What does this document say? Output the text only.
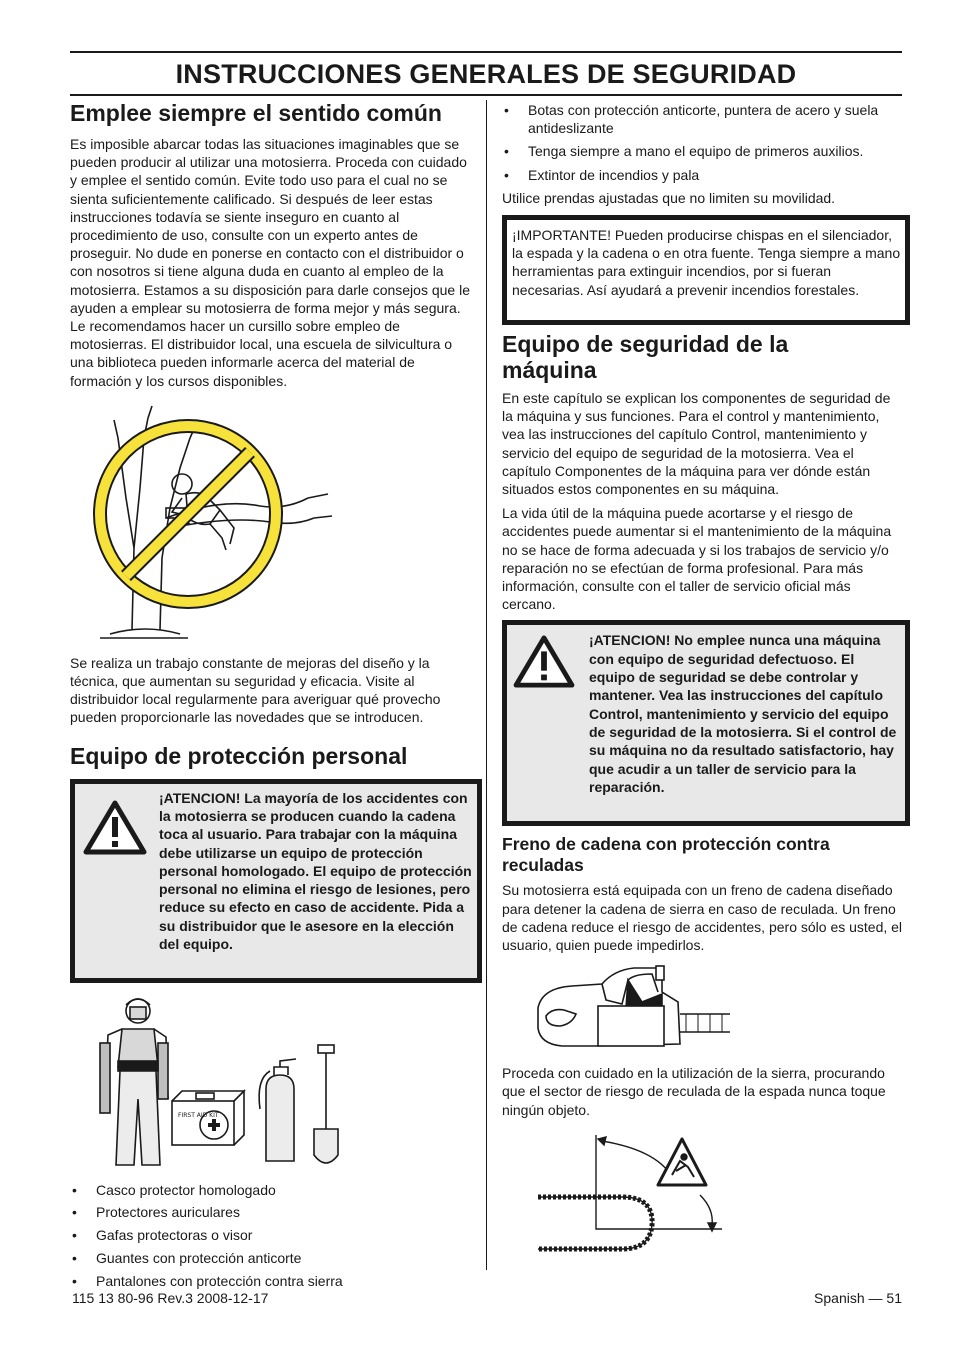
INSTRUCCIONES GENERALES DE SEGURIDAD
Emplee siempre el sentido común

Es imposible abarcar todas las situaciones imaginables que se pueden producir al utilizar una motosierra. Proceda con cuidado y emplee el sentido común. Evite todo uso para el cual no se sienta suficientemente calificado. Si después de leer estas instrucciones todavía se siente inseguro en cuanto al procedimiento de uso, consulte con un experto antes de proseguir. No dude en ponerse en contacto con el distribuidor o con nosotros si tiene alguna duda en cuanto al empleo de la motosierra. Estamos a su disposición para darle consejos que le ayuden a emplear su motosierra de forma mejor y más segura. Le recomendamos hacer un cursillo sobre empleo de motosierras. El distribuidor local, una escuela de silvicultura o una biblioteca pueden informarle acerca del material de formación y los cursos disponibles.

Se realiza un trabajo constante de mejoras del diseño y la técnica, que aumentan su seguridad y eficacia. Visite al distribuidor local regularmente para averiguar qué provecho pueden proporcionarle las novedades que se introducen.

Equipo de protección personal

¡ATENCION! La mayoría de los accidentes con la motosierra se producen cuando la cadena toca al usuario. Para trabajar con la máquina debe utilizarse un equipo de protección personal homologado. El equipo de protección personal no elimina el riesgo de lesiones, pero reduce su efecto en caso de accidente. Pida a su distribuidor que le asesore en la elección del equipo.

FIRST AID KIT
• Casco protector homologado
• Protectores auriculares
• Gafas protectoras o visor
• Guantes con protección anticorte
• Pantalones con protección contra sierra
• Botas con protección anticorte, puntera de acero y suela antideslizante
• Tenga siempre a mano el equipo de primeros auxilios.
• Extintor de incendios y pala

Utilice prendas ajustadas que no limiten su movilidad.

¡IMPORTANTE! Pueden producirse chispas en el silenciador, la espada y la cadena o en otra fuente. Tenga siempre a mano herramientas para extinguir incendios, por si fueran necesarias. Así ayudará a prevenir incendios forestales.

Equipo de seguridad de la máquina

En este capítulo se explican los componentes de seguridad de la máquina y sus funciones. Para el control y mantenimiento, vea las instrucciones del capítulo Control, mantenimiento y servicio del equipo de seguridad de la motosierra. Vea el capítulo Componentes de la máquina para ver dónde están situados estos componentes en su máquina.

La vida útil de la máquina puede acortarse y el riesgo de accidentes puede aumentar si el mantenimiento de la máquina no se hace de forma adecuada y si los trabajos de servicio y/o reparación no se efectúan de forma profesional. Para más información, consulte con el taller de servicio oficial más cercano.

¡ATENCION! No emplee nunca una máquina con equipo de seguridad defectuoso. El equipo de seguridad se debe controlar y mantener. Vea las instrucciones del capítulo Control, mantenimiento y servicio del equipo de seguridad de la motosierra. Si el control de su máquina no da resultado satisfactorio, hay que acudir a un taller de servicio para la reparación.

Freno de cadena con protección contra reculadas

Su motosierra está equipada con un freno de cadena diseñado para detener la cadena de sierra en caso de reculada. Un freno de cadena reduce el riesgo de accidentes, pero sólo es usted, el usuario, quien puede impedirlos.

Proceda con cuidado en la utilización de la sierra, procurando que el sector de riesgo de reculada de la espada nunca toque ningún objeto.

115 13 80-96 Rev.3 2008-12-17	Spanish — 51
